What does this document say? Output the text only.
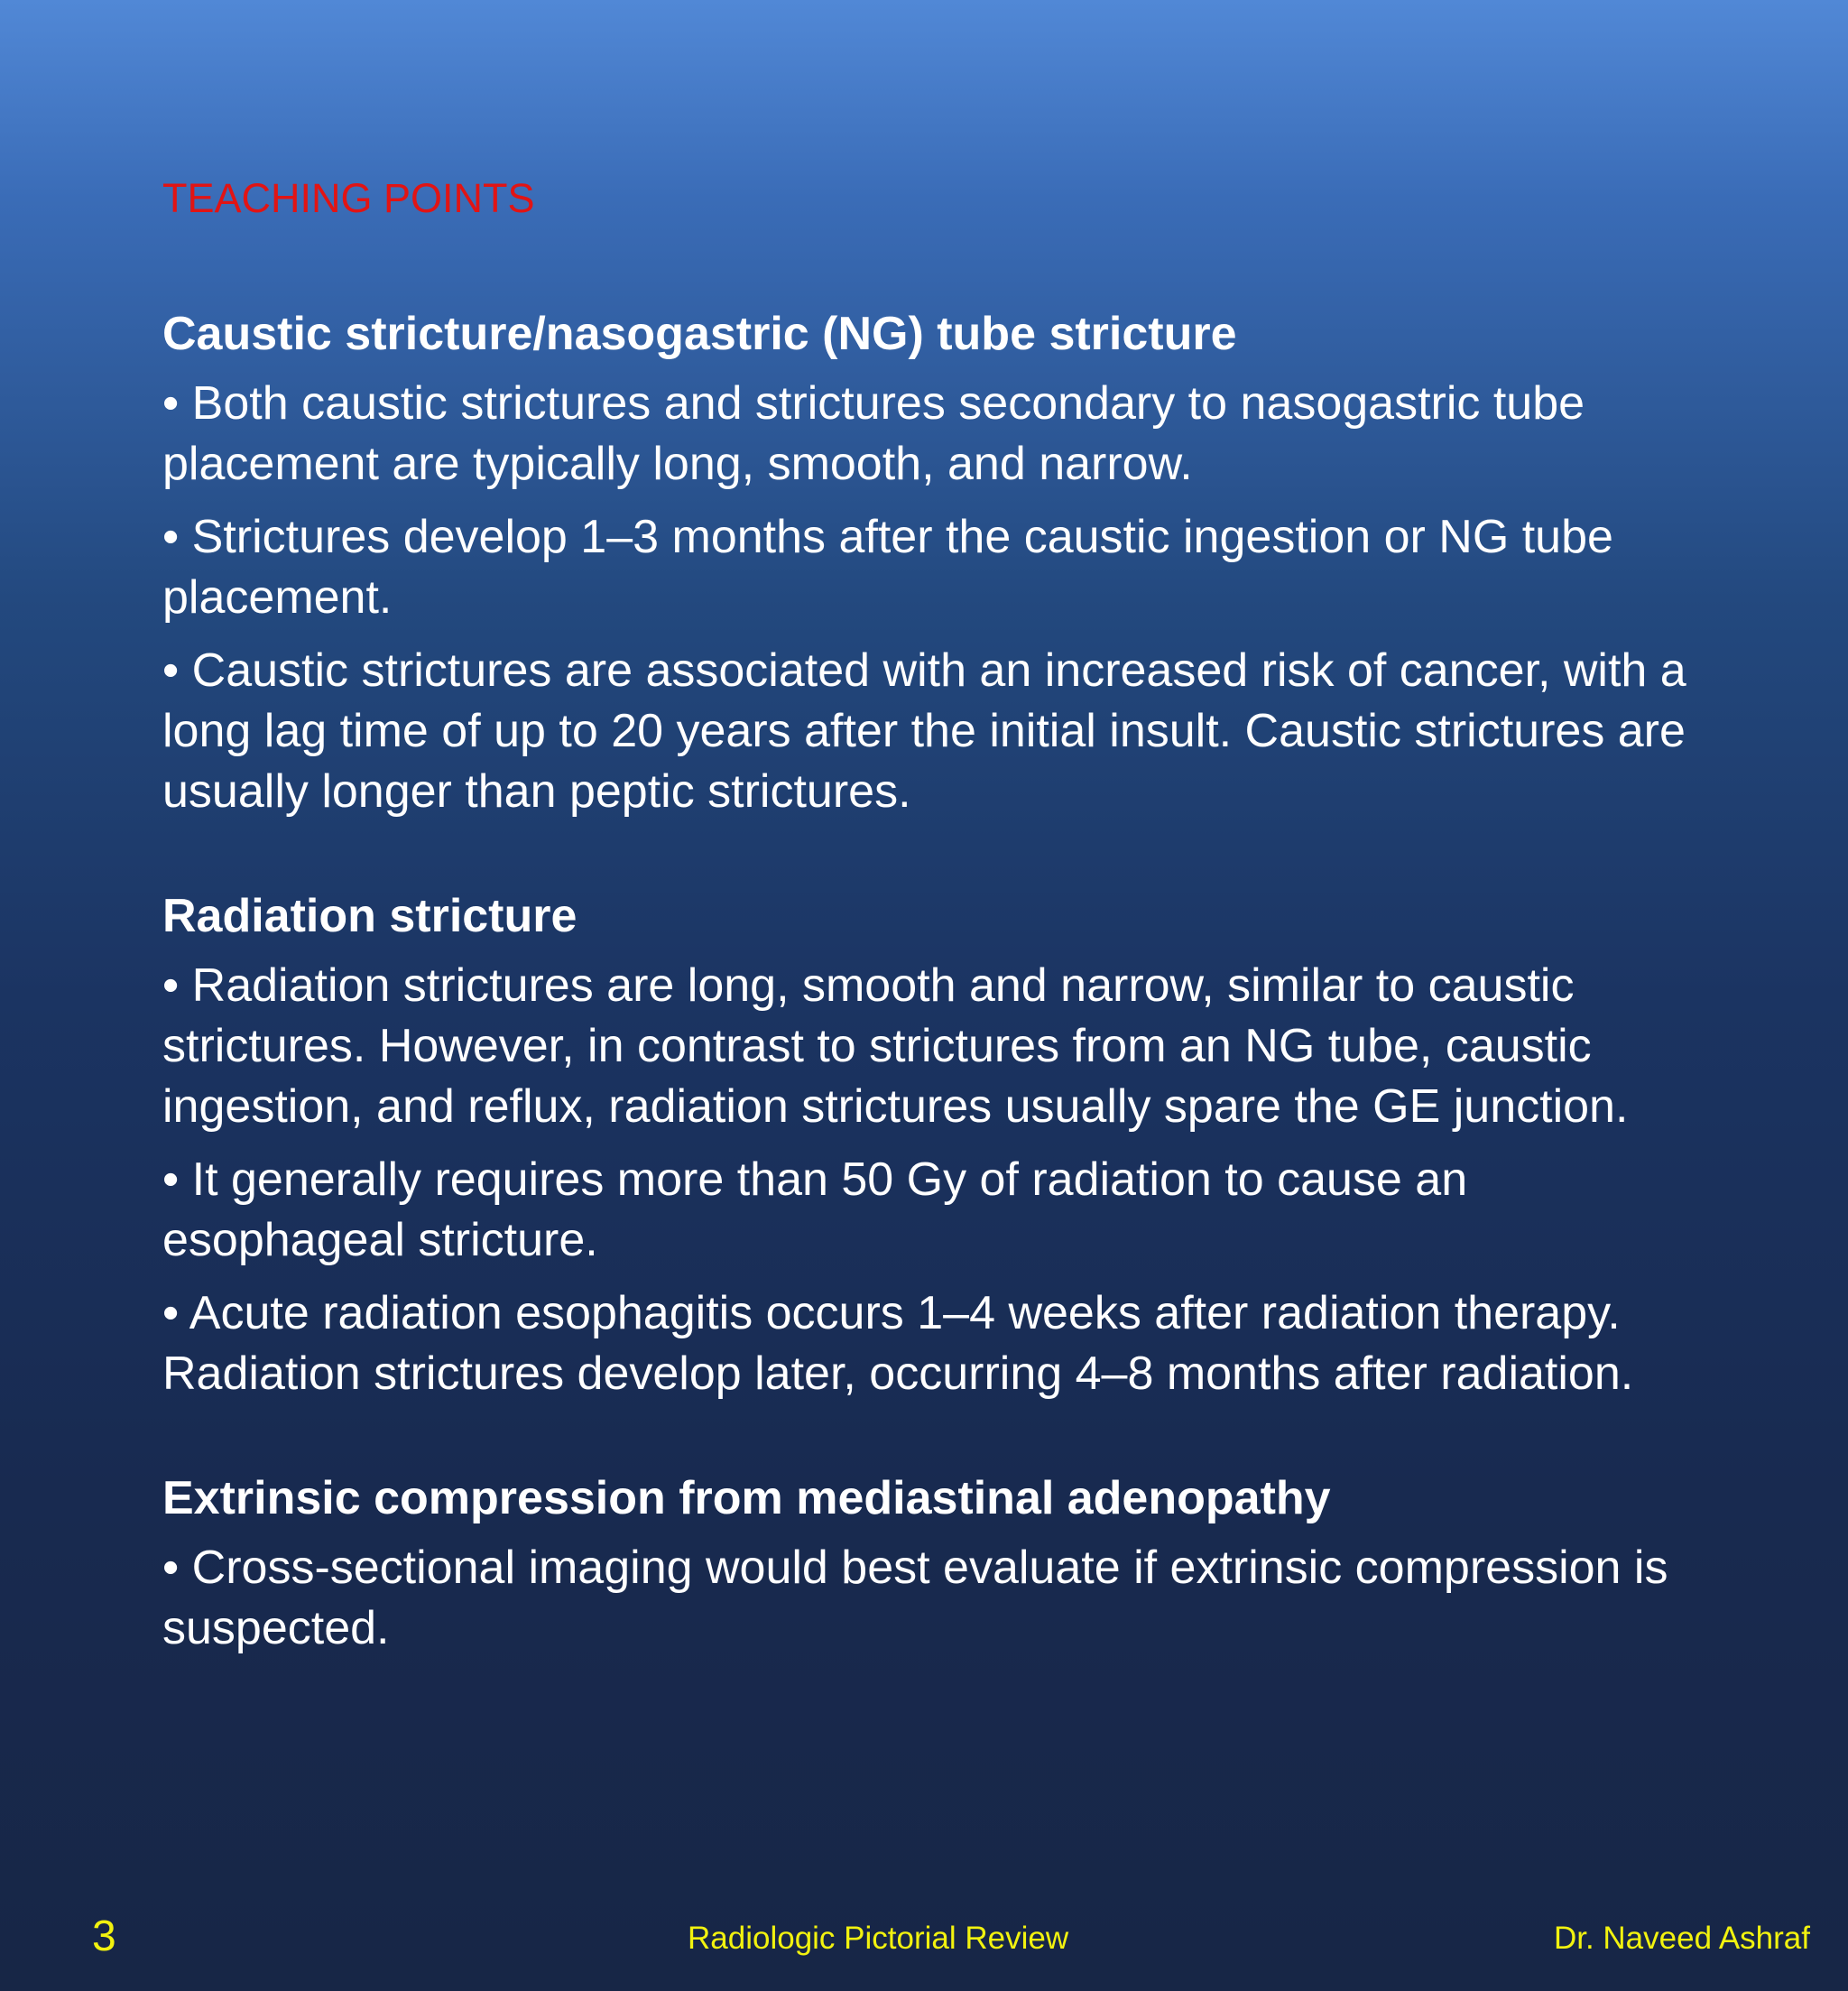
TEACHING POINTS
Caustic stricture/nasogastric (NG) tube stricture
• Both caustic strictures and strictures secondary to nasogastric tube placement are typically long, smooth, and narrow.
• Strictures develop 1–3 months after the caustic ingestion or NG tube placement.
• Caustic strictures are associated with an increased risk of cancer, with a long lag time of up to 20 years after the initial insult. Caustic strictures are usually longer than peptic strictures.
Radiation stricture
• Radiation strictures are long, smooth and narrow, similar to caustic strictures. However, in contrast to strictures from an NG tube, caustic ingestion, and reflux, radiation strictures usually spare the GE junction.
• It generally requires more than 50 Gy of radiation to cause an esophageal stricture.
• Acute radiation esophagitis occurs 1–4 weeks after radiation therapy. Radiation strictures develop later, occurring 4–8 months after radiation.
Extrinsic compression from mediastinal adenopathy
• Cross-sectional imaging would best evaluate if extrinsic compression is suspected.
3	Radiologic Pictorial Review	Dr. Naveed Ashraf
